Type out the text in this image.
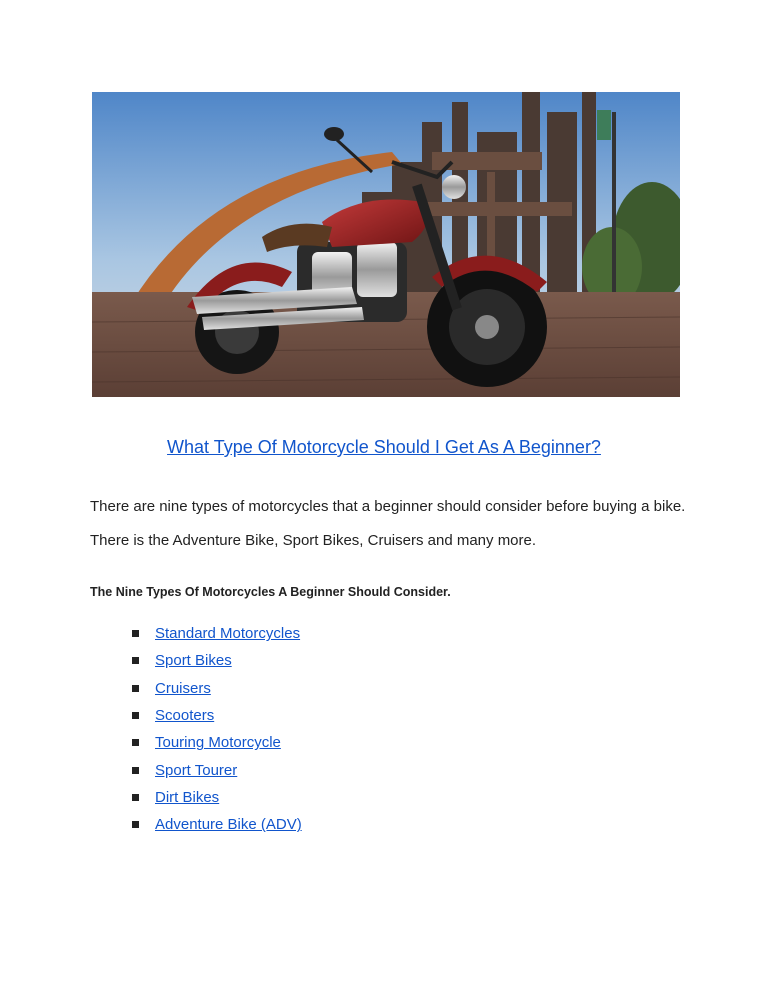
What Type Of Motorcycle Should I Get As A Beginner?

There are nine types of motorcycles that a beginner should consider before buying a bike. There is the Adventure Bike, Sport Bikes, Cruisers and many more.

The Nine Types Of Motorcycles A Beginner Should Consider.
Standard Motorcycles
Sport Bikes
Cruisers
Scooters
Touring Motorcycle
Sport Tourer
Dirt Bikes
Adventure Bike (ADV)
